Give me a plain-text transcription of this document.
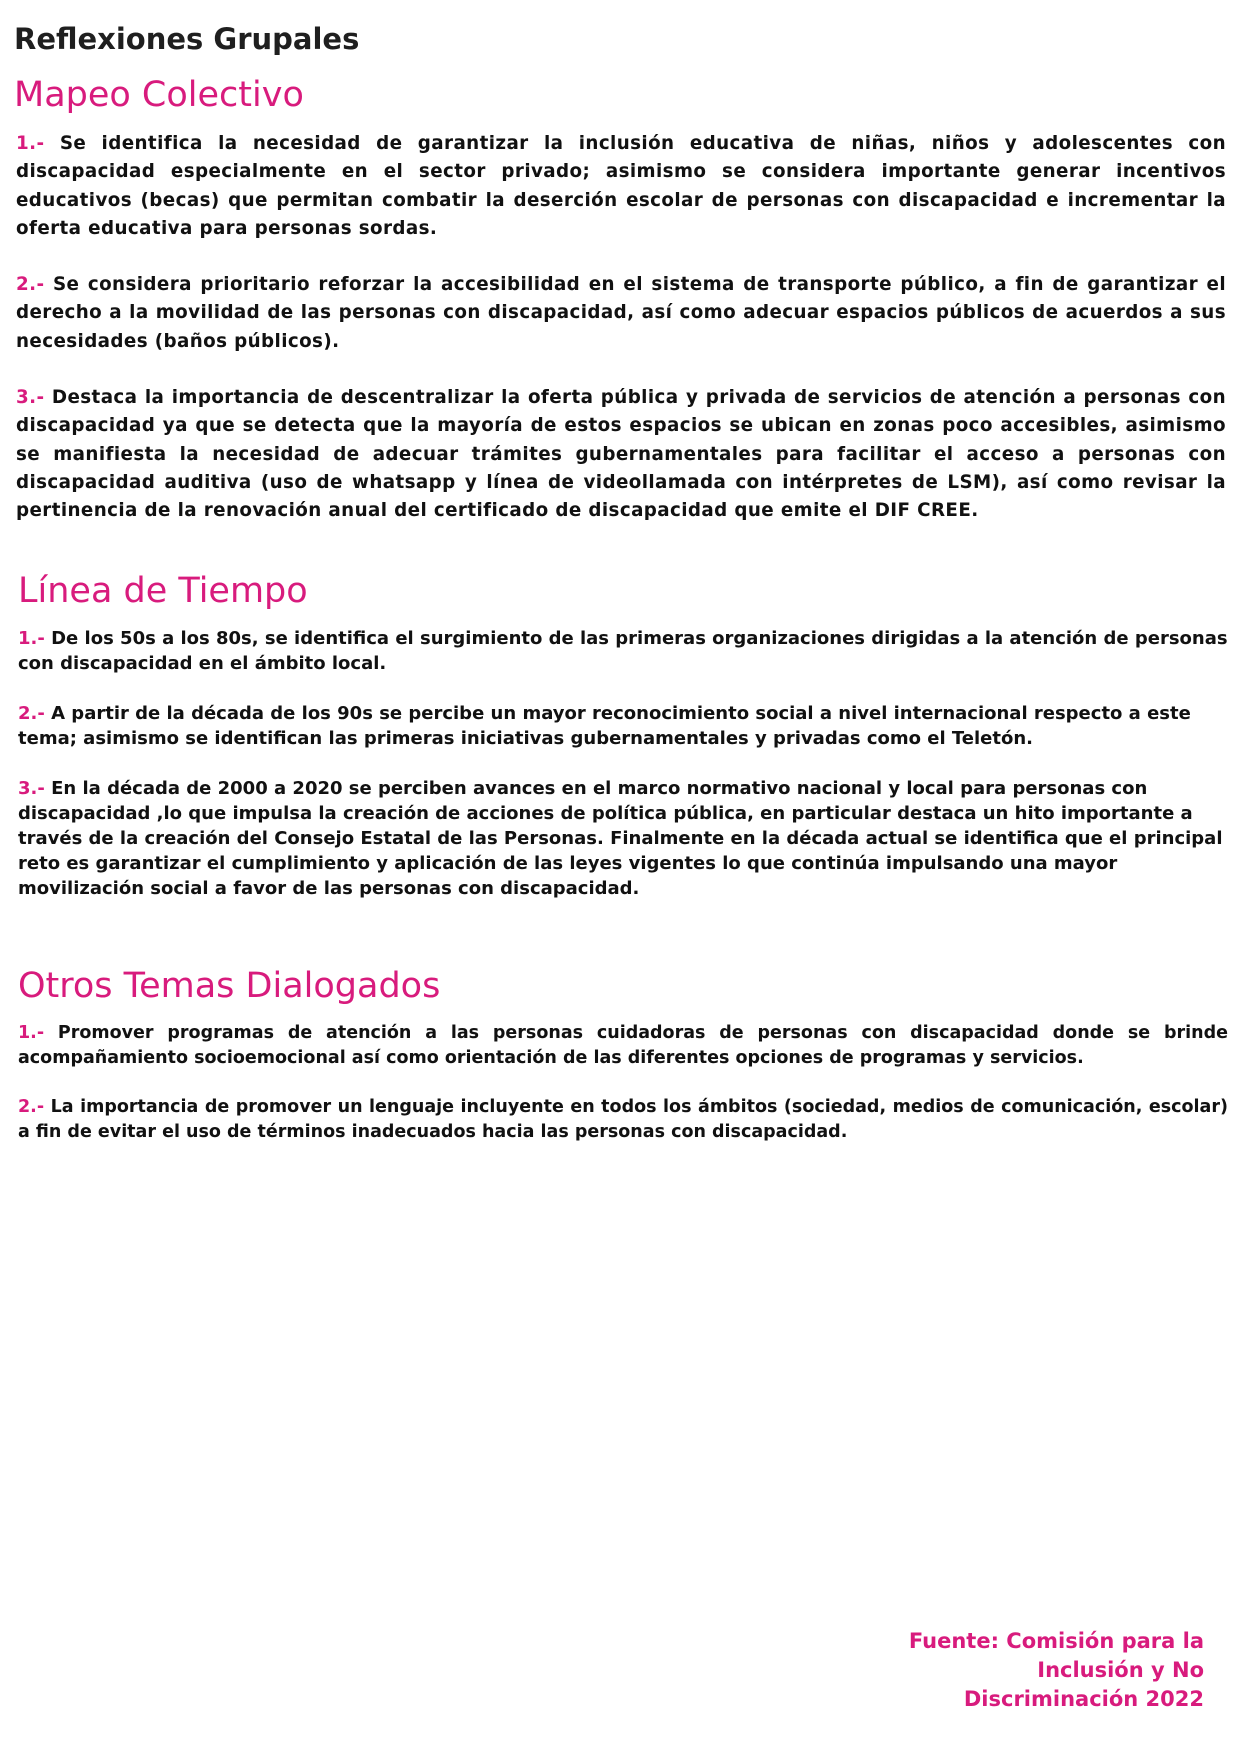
Reflexiones Grupales
Mapeo Colectivo

1.- Se identifica la necesidad de garantizar la inclusión educativa de niñas, niños y adolescentes con discapacidad especialmente en el sector privado; asimismo se considera importante generar incentivos educativos (becas) que permitan combatir la deserción escolar de personas con discapacidad e incrementar la oferta educativa para personas sordas.

2.- Se considera prioritario reforzar la accesibilidad en el sistema de transporte público, a fin de garantizar el derecho a la movilidad de las personas con discapacidad, así como adecuar espacios públicos de acuerdos a sus necesidades (baños públicos).

3.- Destaca la importancia de descentralizar la oferta pública y privada de servicios de atención a personas con discapacidad ya que se detecta que la mayoría de estos espacios se ubican en zonas poco accesibles, asimismo se manifiesta la necesidad de adecuar trámites gubernamentales para facilitar el acceso a personas con discapacidad auditiva (uso de whatsapp y línea de videollamada con intérpretes de LSM), así como revisar la pertinencia de la renovación anual del certificado de discapacidad que emite el DIF CREE.

Línea de Tiempo

1.- De los 50s a los 80s, se identifica el surgimiento de las primeras organizaciones dirigidas a la atención de personas con discapacidad en el ámbito local.

2.- A partir de la década de los 90s se percibe un mayor reconocimiento social a nivel internacional respecto a este tema; asimismo se identifican las primeras iniciativas gubernamentales y privadas como el Teletón.

3.- En la década de 2000 a 2020 se perciben avances en el marco normativo nacional y local para personas con discapacidad ,lo que impulsa la creación de acciones de política pública, en particular destaca un hito importante a través de la creación del Consejo Estatal de las Personas. Finalmente en la década actual se identifica que el principal reto es garantizar el cumplimiento y aplicación de las leyes vigentes lo que continúa impulsando una mayor movilización social a favor de las personas con discapacidad.

Otros Temas Dialogados

1.- Promover programas de atención a las personas cuidadoras de personas con discapacidad donde se brinde acompañamiento socioemocional así como orientación de las diferentes opciones de programas y servicios.

2.- La importancia de promover un lenguaje incluyente en todos los ámbitos (sociedad, medios de comunicación, escolar) a fin de evitar el uso de términos inadecuados hacia las personas con discapacidad.

Fuente: Comisión para la Inclusión y No Discriminación 2022
